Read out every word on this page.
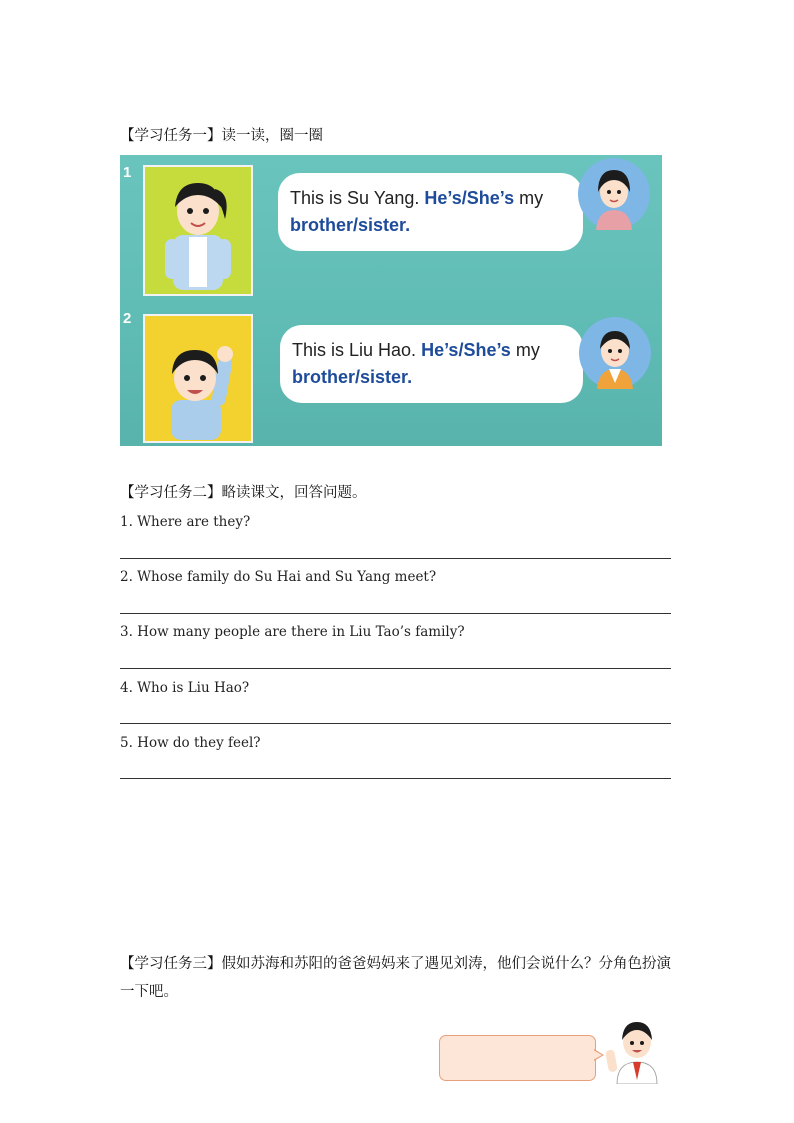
【学习任务一】读一读，圈一圈
1
This is Su Yang. He’s/She’s my
brother/sister.
2
This is Liu Hao. He’s/She’s my
brother/sister.
【学习任务二】略读课文，回答问题。
1. Where are they?
2. Whose family do Su Hai and Su Yang meet?
3. How many people are there in Liu Tao’s family?
4. Who is Liu Hao?
5. How do they feel?
【学习任务三】假如苏海和苏阳的爸爸妈妈来了遇见刘涛，他们会说什么？分角色扮演一下吧。
